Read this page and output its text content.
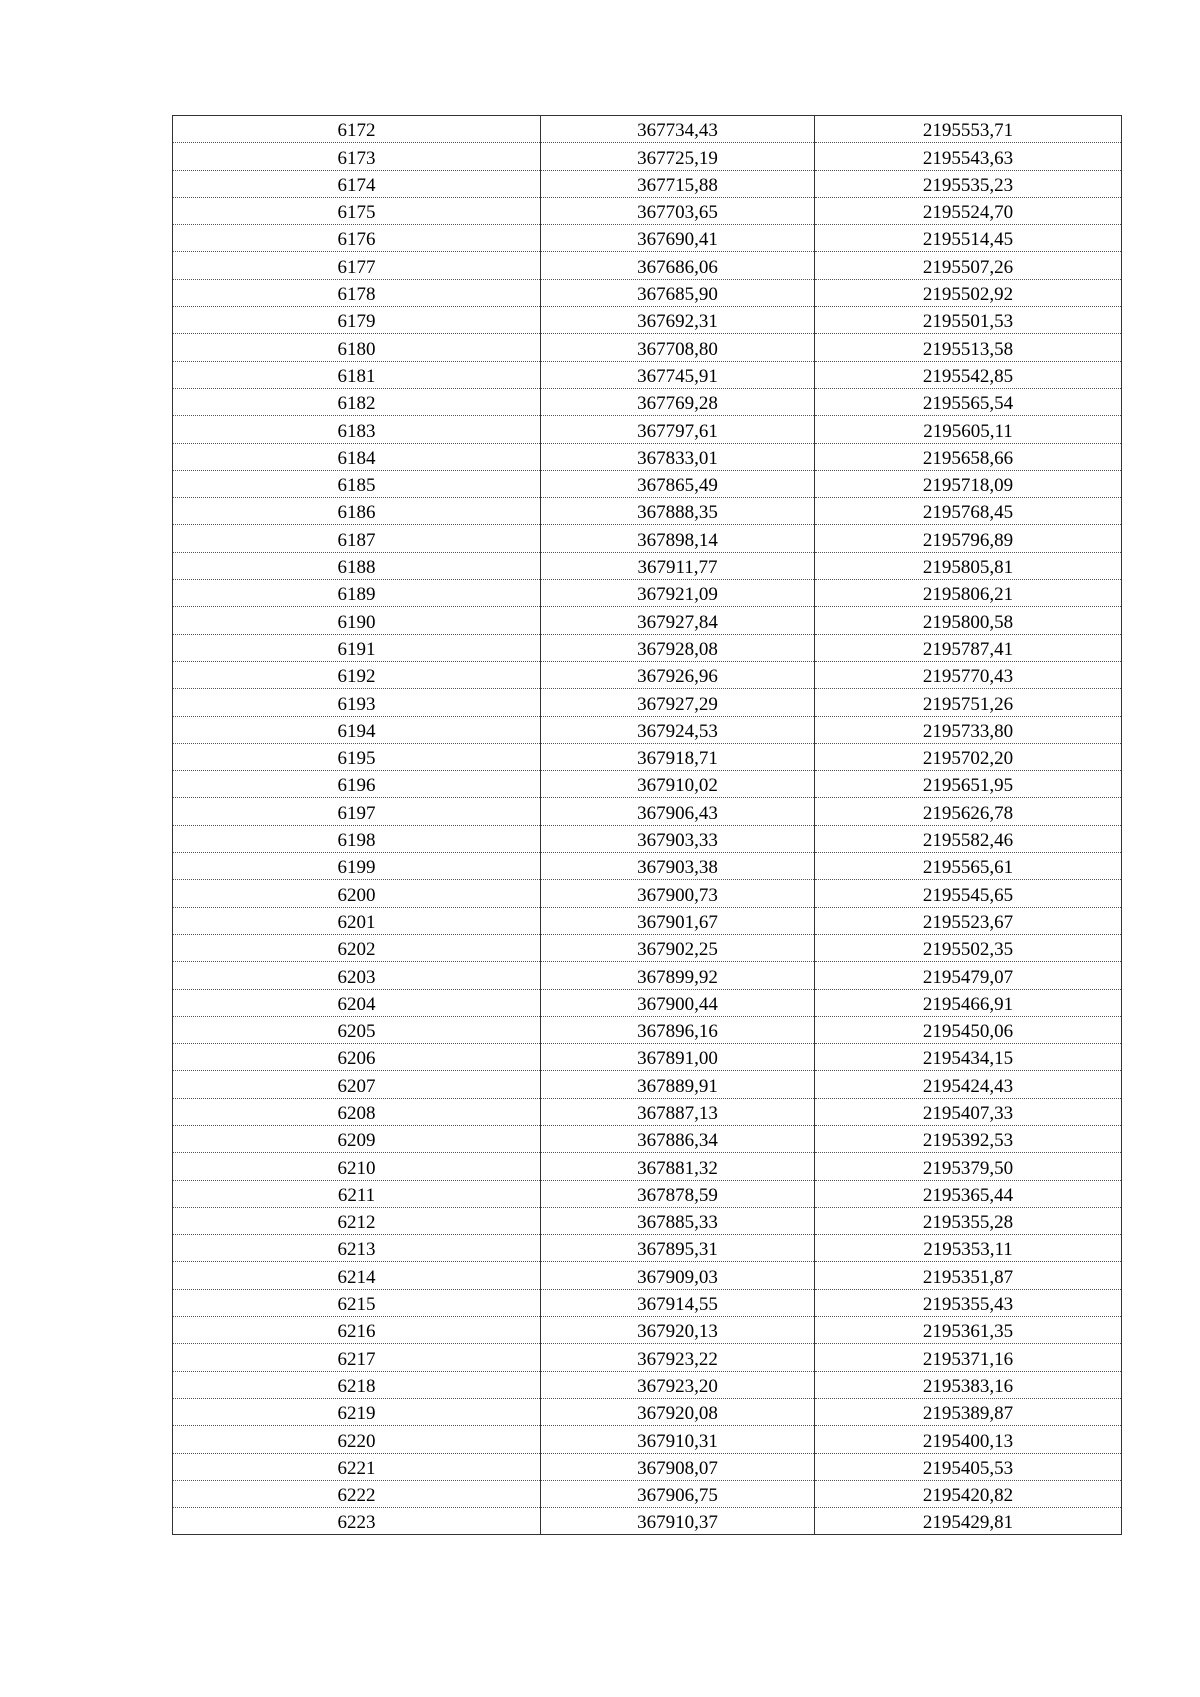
6172	367734,43	2195553,71
6173	367725,19	2195543,63
6174	367715,88	2195535,23
6175	367703,65	2195524,70
6176	367690,41	2195514,45
6177	367686,06	2195507,26
6178	367685,90	2195502,92
6179	367692,31	2195501,53
6180	367708,80	2195513,58
6181	367745,91	2195542,85
6182	367769,28	2195565,54
6183	367797,61	2195605,11
6184	367833,01	2195658,66
6185	367865,49	2195718,09
6186	367888,35	2195768,45
6187	367898,14	2195796,89
6188	367911,77	2195805,81
6189	367921,09	2195806,21
6190	367927,84	2195800,58
6191	367928,08	2195787,41
6192	367926,96	2195770,43
6193	367927,29	2195751,26
6194	367924,53	2195733,80
6195	367918,71	2195702,20
6196	367910,02	2195651,95
6197	367906,43	2195626,78
6198	367903,33	2195582,46
6199	367903,38	2195565,61
6200	367900,73	2195545,65
6201	367901,67	2195523,67
6202	367902,25	2195502,35
6203	367899,92	2195479,07
6204	367900,44	2195466,91
6205	367896,16	2195450,06
6206	367891,00	2195434,15
6207	367889,91	2195424,43
6208	367887,13	2195407,33
6209	367886,34	2195392,53
6210	367881,32	2195379,50
6211	367878,59	2195365,44
6212	367885,33	2195355,28
6213	367895,31	2195353,11
6214	367909,03	2195351,87
6215	367914,55	2195355,43
6216	367920,13	2195361,35
6217	367923,22	2195371,16
6218	367923,20	2195383,16
6219	367920,08	2195389,87
6220	367910,31	2195400,13
6221	367908,07	2195405,53
6222	367906,75	2195420,82
6223	367910,37	2195429,81
